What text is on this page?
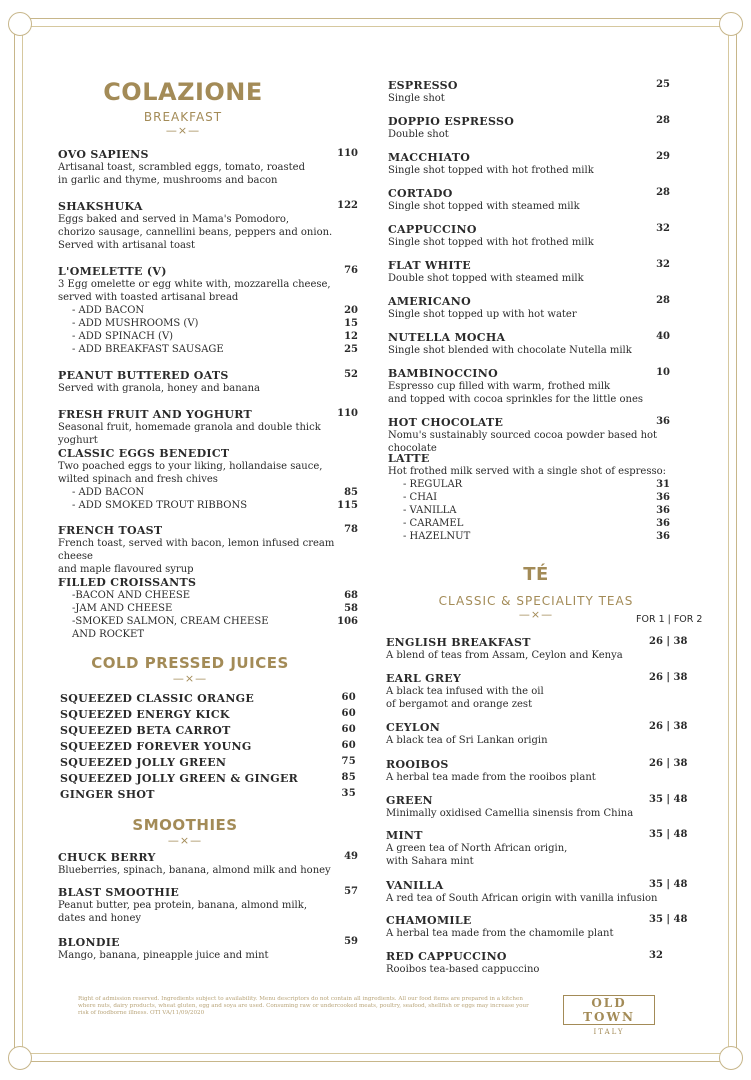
COLAZIONE
BREAKFAST
—×—
OVO SAPIENS	110
Artisanal toast, scrambled eggs, tomato, roasted
in garlic and thyme, mushrooms and bacon
SHAKSHUKA	122
Eggs baked and served in Mama's Pomodoro,
chorizo sausage, cannellini beans, peppers and onion.
Served with artisanal toast
L'OMELETTE (V)	76
3 Egg omelette or egg white with, mozzarella cheese,
served with toasted artisanal bread
- ADD BACON	20
- ADD MUSHROOMS (V)	15
- ADD SPINACH (V)	12
- ADD BREAKFAST SAUSAGE	25
PEANUT BUTTERED OATS	52
Served with granola, honey and banana
FRESH FRUIT AND YOGHURT	110
Seasonal fruit, homemade granola and double thick yoghurt
CLASSIC EGGS BENEDICT
Two poached eggs to your liking, hollandaise sauce,
wilted spinach and fresh chives
- ADD BACON	85
- ADD SMOKED TROUT RIBBONS	115
FRENCH TOAST	78
French toast, served with bacon, lemon infused cream cheese
and maple flavoured syrup
FILLED CROISSANTS
-BACON AND CHEESE	68
-JAM AND CHEESE	58
-SMOKED SALMON, CREAM CHEESE	106
AND ROCKET
COLD PRESSED JUICES
—×—
SQUEEZED CLASSIC ORANGE	60
SQUEEZED ENERGY KICK	60
SQUEEZED BETA CARROT	60
SQUEEZED FOREVER YOUNG	60
SQUEEZED JOLLY GREEN	75
SQUEEZED JOLLY GREEN & GINGER	85
GINGER SHOT	35
SMOOTHIES
—×—
CHUCK BERRY	49
Blueberries, spinach, banana, almond milk and honey
BLAST SMOOTHIE	57
Peanut butter, pea protein, banana, almond milk,
dates and honey
BLONDIE	59
Mango, banana, pineapple juice and mint
ESPRESSO	25
Single shot
DOPPIO ESPRESSO	28
Double shot
MACCHIATO	29
Single shot topped with hot frothed milk
CORTADO	28
Single shot topped with steamed milk
CAPPUCCINO	32
Single shot topped with hot frothed milk
FLAT WHITE	32
Double shot topped with steamed milk
AMERICANO	28
Single shot topped up with hot water
NUTELLA MOCHA	40
Single shot blended with chocolate Nutella milk
BAMBINOCCINO	10
Espresso cup filled with warm, frothed milk
and topped with cocoa sprinkles for the little ones
HOT CHOCOLATE	36
Nomu's sustainably sourced cocoa powder based hot chocolate
LATTE
Hot frothed milk served with a single shot of espresso:
- REGULAR	31
- CHAI	36
- VANILLA	36
- CARAMEL	36
- HAZELNUT	36
TÉ
CLASSIC & SPECIALITY TEAS
—×—	FOR 1 | FOR 2
ENGLISH BREAKFAST	26 | 38
A blend of teas from Assam, Ceylon and Kenya
EARL GREY	26 | 38
A black tea infused with the oil
of bergamot and orange zest
CEYLON	26 | 38
A black tea of Sri Lankan origin
ROOIBOS	26 | 38
A herbal tea made from the rooibos plant
GREEN	35 | 48
Minimally oxidised Camellia sinensis from China
MINT	35 | 48
A green tea of North African origin,
with Sahara mint
VANILLA	35 | 48
A red tea of South African origin with vanilla infusion
CHAMOMILE	35 | 48
A herbal tea made from the chamomile plant
RED CAPPUCCINO	32
Rooibos tea-based cappuccino
Right of admission reserved. Ingredients subject to availability. Menu descriptors do not contain all ingredients. All our food items are prepared in a kitchen where nuts, dairy products, wheat gluten, egg and soya are used. Consuming raw or undercooked meats, poultry, seafood, shellfish or eggs may increase your risk of foodborne illness. OTI VA/11/09/2020
OLD TOWN
ITALY
